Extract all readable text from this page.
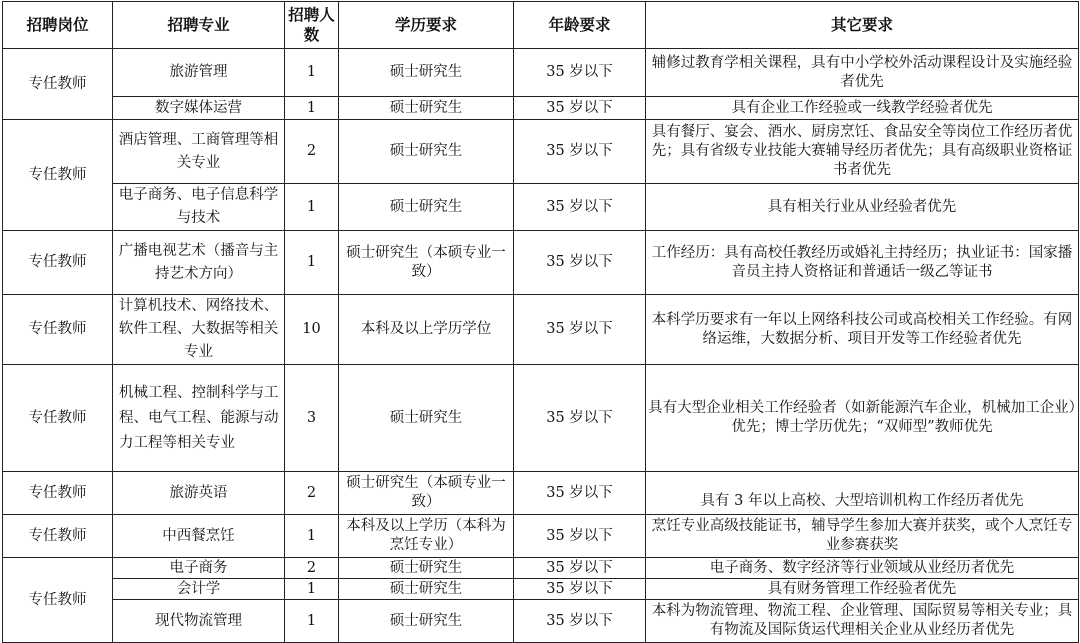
招聘岗位	招聘专业	招聘人数	学历要求	年龄要求	其它要求
专任教师	旅游管理	1	硕士研究生	35 岁以下	辅修过教育学相关课程，具有中小学校外活动课程设计及实施经验者优先
	数字媒体运营	1	硕士研究生	35 岁以下	具有企业工作经验或一线教学经验者优先
专任教师	酒店管理、工商管理等相关专业	2	硕士研究生	35 岁以下	具有餐厅、宴会、酒水、厨房烹饪、食品安全等岗位工作经历者优先；具有省级专业技能大赛辅导经历者优先；具有高级职业资格证书者优先
	电子商务、电子信息科学与技术	1	硕士研究生	35 岁以下	具有相关行业从业经验者优先
专任教师	广播电视艺术（播音与主持艺术方向）	1	硕士研究生（本硕专业一致）	35 岁以下	工作经历：具有高校任教经历或婚礼主持经历；执业证书：国家播音员主持人资格证和普通话一级乙等证书
专任教师	计算机技术、网络技术、软件工程、大数据等相关专业	10	本科及以上学历学位	35 岁以下	本科学历要求有一年以上网络科技公司或高校相关工作经验。有网络运维，大数据分析、项目开发等工作经验者优先
专任教师	机械工程、控制科学与工程、电气工程、能源与动力工程等相关专业	3	硕士研究生	35 岁以下	具有大型企业相关工作经验者（如新能源汽车企业，机械加工企业）优先；博士学历优先；“双师型”教师优先
专任教师	旅游英语	2	硕士研究生（本硕专业一致）	35 岁以下	具有 3 年以上高校、大型培训机构工作经历者优先
专任教师	中西餐烹饪	1	本科及以上学历（本科为烹饪专业）	35 岁以下	烹饪专业高级技能证书，辅导学生参加大赛并获奖，或个人烹饪专业参赛获奖
专任教师	电子商务	2	硕士研究生	35 岁以下	电子商务、数字经济等行业领域从业经历者优先
	会计学	1	硕士研究生	35 岁以下	具有财务管理工作经验者优先
	现代物流管理	1	硕士研究生	35 岁以下	本科为物流管理、物流工程、企业管理、国际贸易等相关专业；具有物流及国际货运代理相关企业从业经历者优先
